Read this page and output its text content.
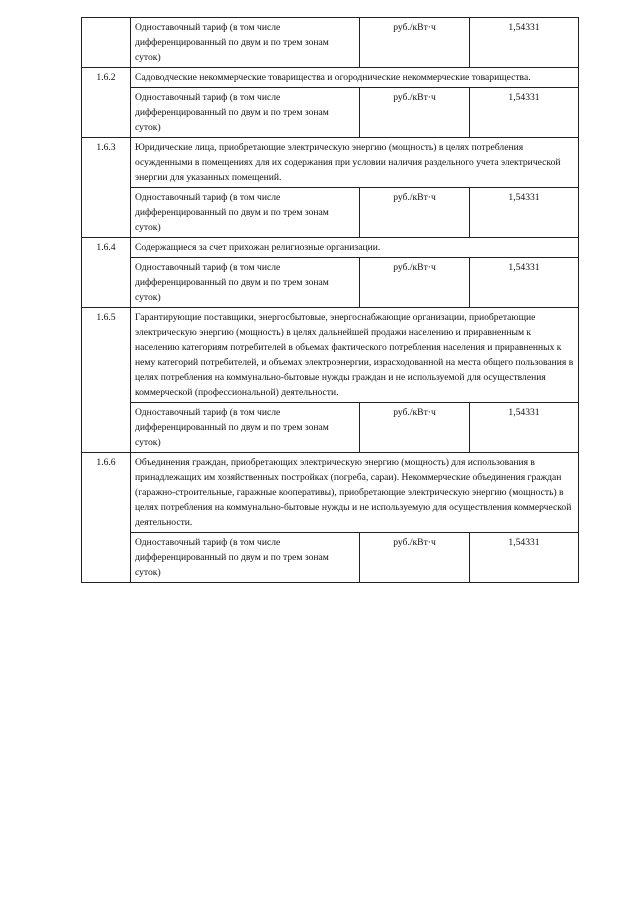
	Одноставочный тариф (в том числе дифференцированный по двум и по трем зонам суток)	руб./кВт·ч	1,54331
1.6.2	Садоводческие некоммерческие товарищества и огороднические некоммерческие товарищества.		
	Одноставочный тариф (в том числе дифференцированный по двум и по трем зонам суток)	руб./кВт·ч	1,54331
1.6.3	Юридические лица, приобретающие электрическую энергию (мощность) в целях потребления осужденными в помещениях для их содержания при условии наличия раздельного учета электрической энергии для указанных помещений.		
	Одноставочный тариф (в том числе дифференцированный по двум и по трем зонам суток)	руб./кВт·ч	1,54331
1.6.4	Содержащиеся за счет прихожан религиозные организации.		
	Одноставочный тариф (в том числе дифференцированный по двум и по трем зонам суток)	руб./кВт·ч	1,54331
1.6.5	Гарантирующие поставщики, энергосбытовые, энергоснабжающие организации, приобретающие электрическую энергию (мощность) в целях дальнейшей продажи населению и приравненным к населению категориям потребителей в объемах фактического потребления населения и приравненных к нему категорий потребителей, и объемах электроэнергии, израсходованной на места общего пользования в целях потребления на коммунально-бытовые нужды граждан и не используемой для осуществления коммерческой (профессиональной) деятельности.		
	Одноставочный тариф (в том числе дифференцированный по двум и по трем зонам суток)	руб./кВт·ч	1,54331
1.6.6	Объединения граждан, приобретающих электрическую энергию (мощность) для использования в принадлежащих им хозяйственных постройках (погреба, сараи). Некоммерческие объединения граждан (гаражно-строительные, гаражные кооперативы), приобретающие электрическую энергию (мощность) в целях потребления на коммунально-бытовые нужды и не используемую для осуществления коммерческой деятельности.		
	Одноставочный тариф (в том числе дифференцированный по двум и по трем зонам суток)	руб./кВт·ч	1,54331
